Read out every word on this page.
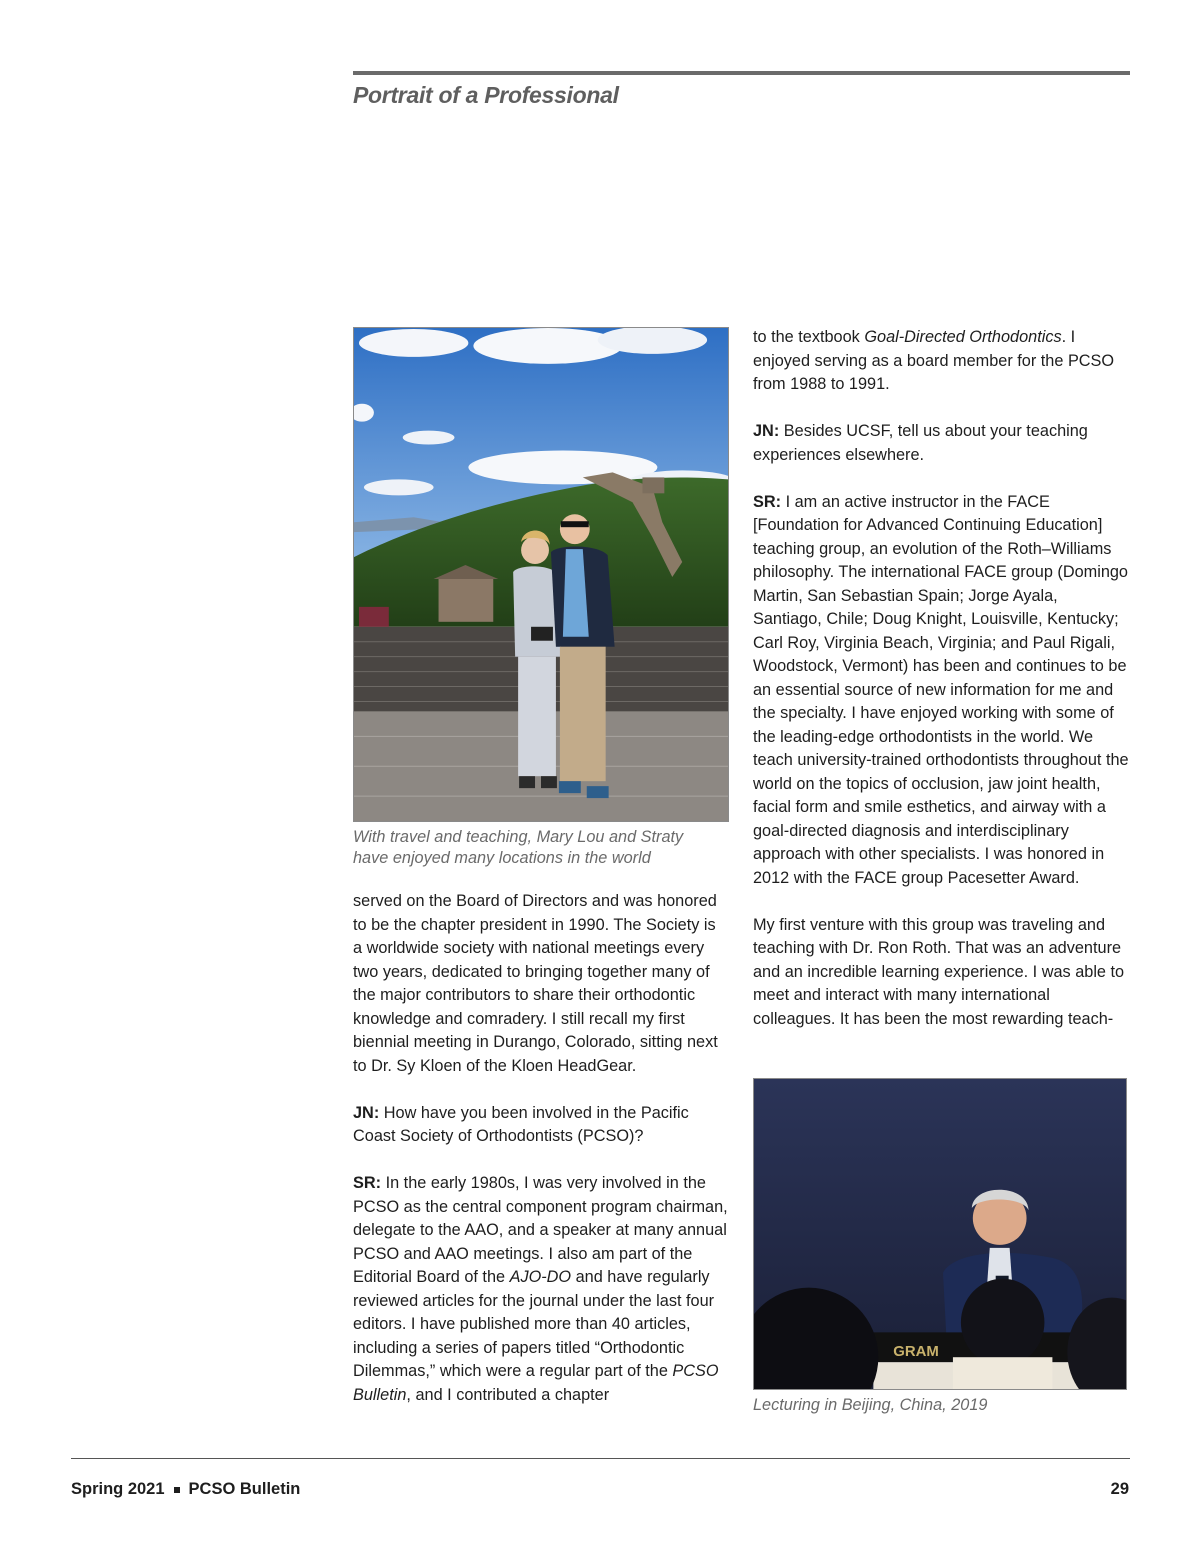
Portrait of a Professional
With travel and teaching, Mary Lou and Straty
have enjoyed many locations in the world

served on the Board of Directors and was honored to be the chapter president in 1990. The Society is a worldwide society with national meetings every two years, dedicated to bringing together many of the major contributors to share their orthodontic knowledge and comradery. I still recall my first biennial meeting in Durango, Colorado, sitting next to Dr. Sy Kloen of the Kloen HeadGear.

JN: How have you been involved in the Pacific Coast Society of Orthodontists (PCSO)?

SR: In the early 1980s, I was very involved in the PCSO as the central component program chairman, delegate to the AAO, and a speaker at many annual PCSO and AAO meetings. I also am part of the Editorial Board of the AJO-DO and have regularly reviewed articles for the journal under the last four editors. I have published more than 40 articles, including a series of papers titled “Orthodontic Dilemmas,” which were a regular part of the PCSO Bulletin, and I contributed a chapter

to the textbook Goal-Directed Orthodontics. I enjoyed serving as a board member for the PCSO from 1988 to 1991.

JN: Besides UCSF, tell us about your teaching experiences elsewhere.

SR: I am an active instructor in the FACE [Foundation for Advanced Continuing Education] teaching group, an evolution of the Roth–Williams philosophy. The international FACE group (Domingo Martin, San Sebastian Spain; Jorge Ayala, Santiago, Chile; Doug Knight, Louisville, Kentucky; Carl Roy, Virginia Beach, Virginia; and Paul Rigali, Woodstock, Vermont) has been and continues to be an essential source of new information for me and the specialty. I have enjoyed working with some of the leading-edge orthodontists in the world. We teach university-trained orthodontists throughout the world on the topics of occlusion, jaw joint health, facial form and smile esthetics, and airway with a goal-directed diagnosis and interdisciplinary approach with other specialists. I was honored in 2012 with the FACE group Pacesetter Award.

My first venture with this group was traveling and teaching with Dr. Ron Roth. That was an adventure and an incredible learning experience. I was able to meet and interact with many international colleagues. It has been the most rewarding teach-

GRAM
Lecturing in Beijing, China, 2019
Spring 2021 PCSO Bulletin	29
